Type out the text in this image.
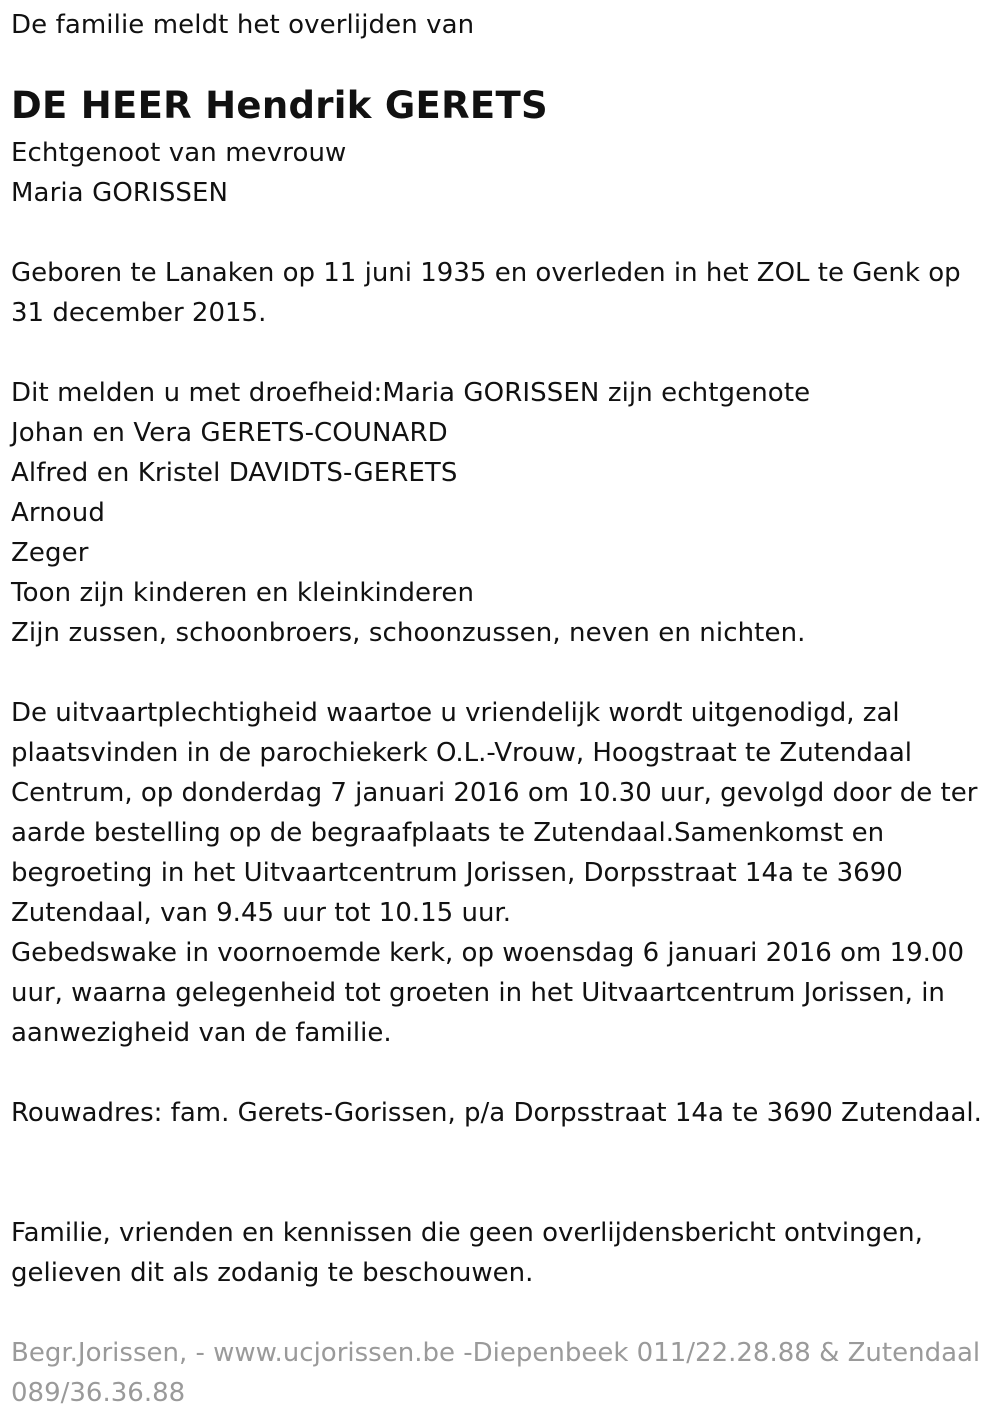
De familie meldt het overlijden van
DE HEER Hendrik GERETS
Echtgenoot van mevrouw
Maria GORISSEN
Geboren te Lanaken op 11 juni 1935 en overleden in het ZOL te Genk op 31 december 2015.
Dit melden u met droefheid:Maria GORISSEN zijn echtgenote
Johan en Vera GERETS-COUNARD
Alfred en Kristel DAVIDTS-GERETS
Arnoud
Zeger
Toon zijn kinderen en kleinkinderen
Zijn zussen, schoonbroers, schoonzussen, neven en nichten.
De uitvaartplechtigheid waartoe u vriendelijk wordt uitgenodigd, zal plaatsvinden in de parochiekerk O.L.-Vrouw, Hoogstraat te Zutendaal Centrum, op donderdag 7 januari 2016 om 10.30 uur, gevolgd door de ter aarde bestelling op de begraafplaats te Zutendaal.Samenkomst en begroeting in het Uitvaartcentrum Jorissen, Dorpsstraat 14a te 3690 Zutendaal, van 9.45 uur tot 10.15 uur.
Gebedswake in voornoemde kerk, op woensdag 6 januari 2016 om 19.00 uur, waarna gelegenheid tot groeten in het Uitvaartcentrum Jorissen, in aanwezigheid van de familie.
Rouwadres: fam. Gerets-Gorissen, p/a Dorpsstraat 14a te 3690 Zutendaal.
Familie, vrienden en kennissen die geen overlijdensbericht ontvingen, gelieven dit als zodanig te beschouwen.
Begr.Jorissen, - www.ucjorissen.be -Diepenbeek 011/22.28.88 & Zutendaal 089/36.36.88
